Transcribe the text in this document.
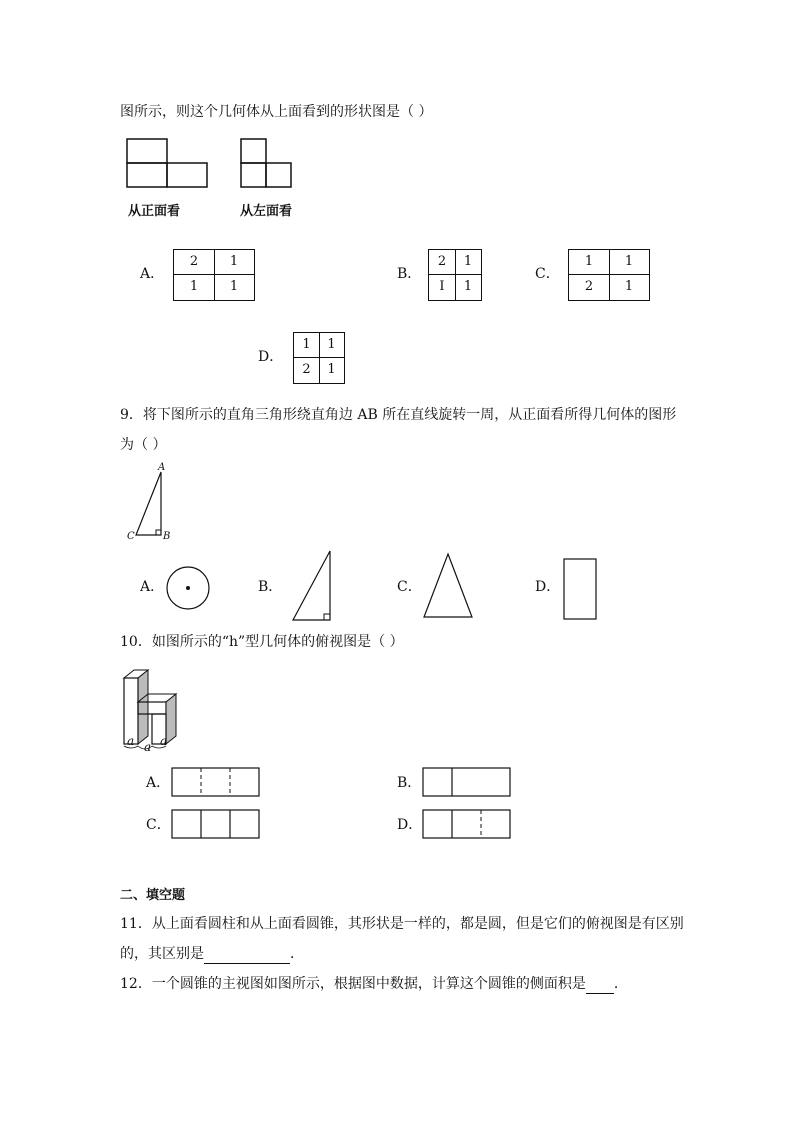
图所示，则这个几何体从上面看到的形状图是（ ）
从正面看	从左面看
A．
2	1
1	1
B．
2	1
I	1
C．
1	1
2	1
D．
1	1
2	1
9．将下图所示的直角三角形绕直角边 AB 所在直线旋转一周，从正面看所得几何体的图形
为（ ）
A
C	B
A．	B．	C．	D．
10．如图所示的“h”型几何体的俯视图是（ ）
a a a
A．	B．
C．	D．
二、填空题
11．从上面看圆柱和从上面看圆锥，其形状是一样的，都是圆，但是它们的俯视图是有区别
的，其区别是	．
12．一个圆锥的主视图如图所示，根据图中数据，计算这个圆锥的侧面积是 ．
